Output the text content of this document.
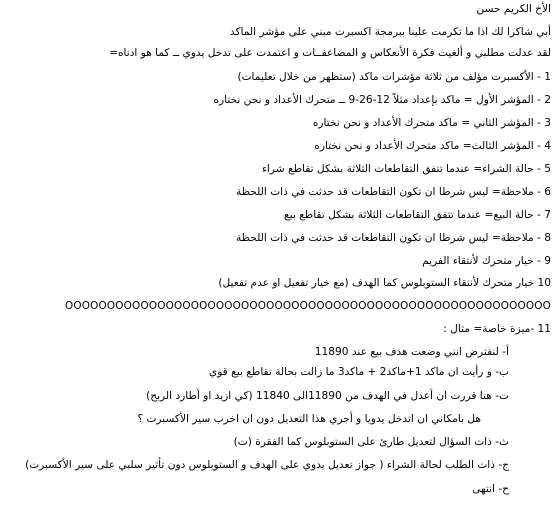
الأخ الكريم حسن
أبي شاكرا لك اذا ما تكرمت علينا ببرمجة اكسبرت مبني على مؤشر الماكد
لقد عدلت مطلبي و ألغيت فكرة الأنعكاس و المضاعفــات و اعتمدت على تدخل يدوي ــ كما هو ادناه=
1 - الأكسبرت مؤلف من ثلاثة مؤشرات ماكد (ستظهر من خلال تعليمات)
2 - المؤشر الأول = ماكد بإعداد مثلاً 12-26-9 ــ متحرك الأعداد و نحن نختاره
3 - المؤشر الثاني = ماكد متحرك الأعداد و نحن نختاره
4 - المؤشر الثالث= ماكد متحرك الأعداد و نحن نختاره
5 - حالة الشراء= عندما تتفق التقاطعات الثلاثة بشكل تقاطع شراء
6 - ملاحظة= ليس شرطا ان تكون التقاطعات قد حدثت في ذات اللحظة
7 - حالة البيع= عندما تتفق التقاطعات الثلاثة بشكل تقاطع بيع
8 - ملاحظة= ليس شرطا ان تكون التقاطعات قد حدثت في ذات اللحظة
9 - خيار متحرك لأنتقاء الفريم
10 خيار متحرك لأنتقاء الستوبلوس كما الهدف (مع خيار تفعيل او عدم تفعيل)
OOOOOOOOOOOOOOOOOOOOOOOOOOOOOOOOOOOOOOOOOOOOOOOOOOOOOOOOOO
11 -ميزة خاصة= مثال :
أ- لنفترض انني وضعت هدف بيع عند 11890
ب- و رأيت ان ماكد 1+ماكد2 + ماكد3 ما زالت بحالة تقاطع بيع قوي
ت- هنا قررت ان أعدل في الهدف من 11890الى 11840 (كي ازيد او أطارد الربح)
هل بامكاني ان اتدخل يدويا و أجري هذا التعديل دون ان اخرب سير الأكسبرت ؟
ث- ذات السؤال لتعديل طارئ على الستوبلوس كما الفقرة (ت)
ج- ذات الطلب لحالة الشراء ( جواز تعديل يدوي على الهدف و الستوبلوس دون تأثير سلبي على سير الأكسبرت)
ح- انتهى
